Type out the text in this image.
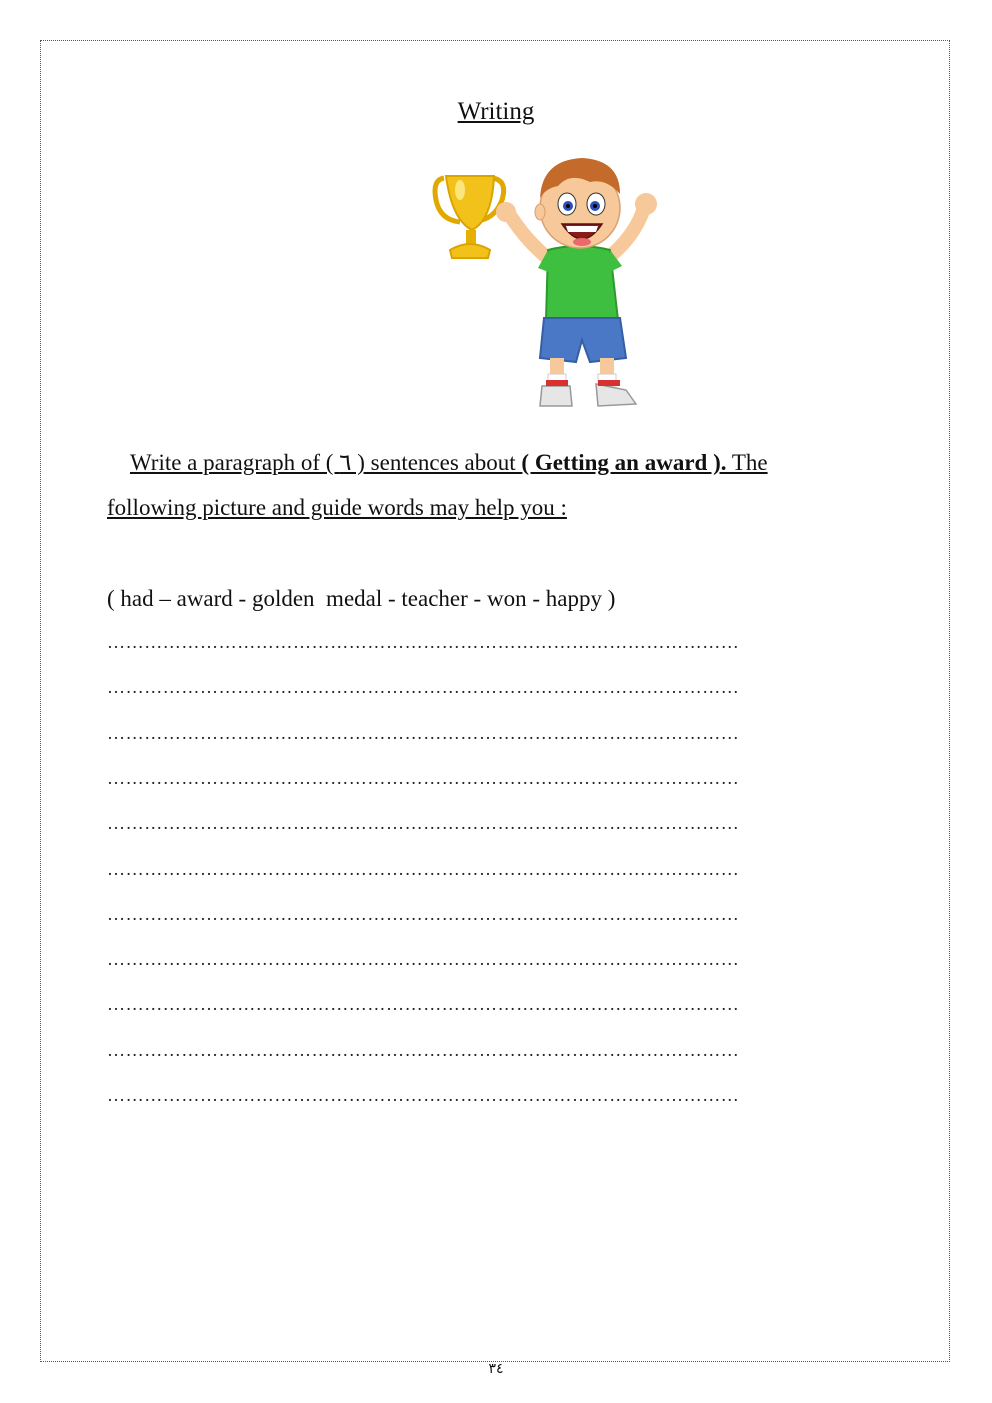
Writing
Write a paragraph of ( ٦ ) sentences about ( Getting an award ). The
following picture and guide words may help you :
( had – award - golden  medal - teacher - won - happy )
…………………………………………………………………………………………
…………………………………………………………………………………………
…………………………………………………………………………………………
…………………………………………………………………………………………
…………………………………………………………………………………………
…………………………………………………………………………………………
…………………………………………………………………………………………
…………………………………………………………………………………………
…………………………………………………………………………………………
…………………………………………………………………………………………
…………………………………………………………………………………………
٣٤
